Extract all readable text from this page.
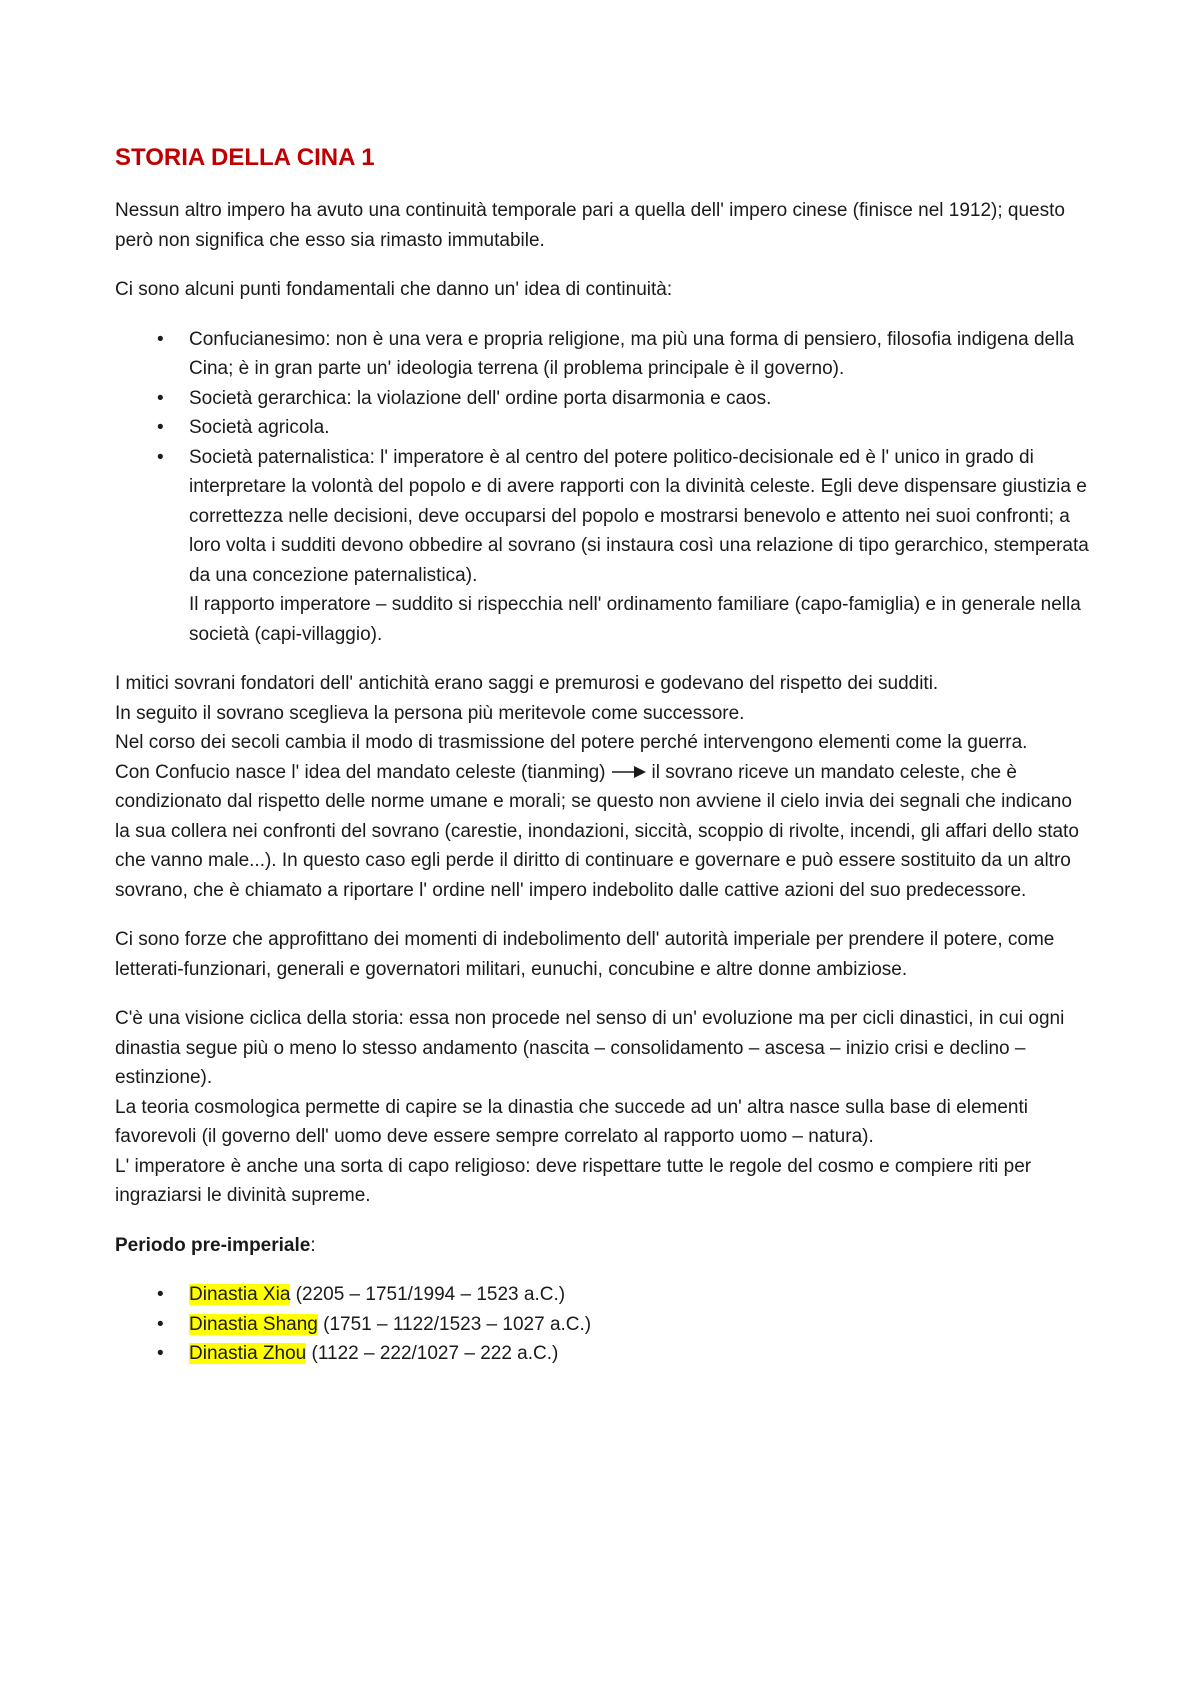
STORIA DELLA CINA 1

Nessun altro impero ha avuto una continuità temporale pari a quella dell' impero cinese (finisce nel 1912); questo però non significa che esso sia rimasto immutabile.

Ci sono alcuni punti fondamentali che danno un' idea di continuità:

• Confucianesimo: non è una vera e propria religione, ma più una forma di pensiero, filosofia indigena della Cina; è in gran parte un' ideologia terrena (il problema principale è il governo).
• Società gerarchica: la violazione dell' ordine porta disarmonia e caos.
• Società agricola.
• Società paternalistica: l' imperatore è al centro del potere politico-decisionale ed è l' unico in grado di interpretare la volontà del popolo e di avere rapporti con la divinità celeste. Egli deve dispensare giustizia e correttezza nelle decisioni, deve occuparsi del popolo e mostrarsi benevolo e attento nei suoi confronti; a loro volta i sudditi devono obbedire al sovrano (si instaura così una relazione di tipo gerarchico, stemperata da una concezione paternalistica).
Il rapporto imperatore – suddito si rispecchia nell' ordinamento familiare (capo-famiglia) e in generale nella società (capi-villaggio).

I mitici sovrani fondatori dell' antichità erano saggi e premurosi e godevano del rispetto dei sudditi.

In seguito il sovrano sceglieva la persona più meritevole come successore.

Nel corso dei secoli cambia il modo di trasmissione del potere perché intervengono elementi come la guerra.

Con Confucio nasce l' idea del mandato celeste (tianming) il sovrano riceve un mandato celeste, che è condizionato dal rispetto delle norme umane e morali; se questo non avviene il cielo invia dei segnali che indicano la sua collera nei confronti del sovrano (carestie, inondazioni, siccità, scoppio di rivolte, incendi, gli affari dello stato che vanno male...). In questo caso egli perde il diritto di continuare e governare e può essere sostituito da un altro sovrano, che è chiamato a riportare l' ordine nell' impero indebolito dalle cattive azioni del suo predecessore.

Ci sono forze che approfittano dei momenti di indebolimento dell' autorità imperiale per prendere il potere, come letterati-funzionari, generali e governatori militari, eunuchi, concubine e altre donne ambiziose.

C'è una visione ciclica della storia: essa non procede nel senso di un' evoluzione ma per cicli dinastici, in cui ogni dinastia segue più o meno lo stesso andamento (nascita – consolidamento – ascesa – inizio crisi e declino – estinzione).

La teoria cosmologica permette di capire se la dinastia che succede ad un' altra nasce sulla base di elementi favorevoli (il governo dell' uomo deve essere sempre correlato al rapporto uomo – natura).

L' imperatore è anche una sorta di capo religioso: deve rispettare tutte le regole del cosmo e compiere riti per ingraziarsi le divinità supreme.

Periodo pre-imperiale:

• Dinastia Xia (2205 – 1751/1994 – 1523 a.C.)
• Dinastia Shang (1751 – 1122/1523 – 1027 a.C.)
• Dinastia Zhou (1122 – 222/1027 – 222 a.C.)
